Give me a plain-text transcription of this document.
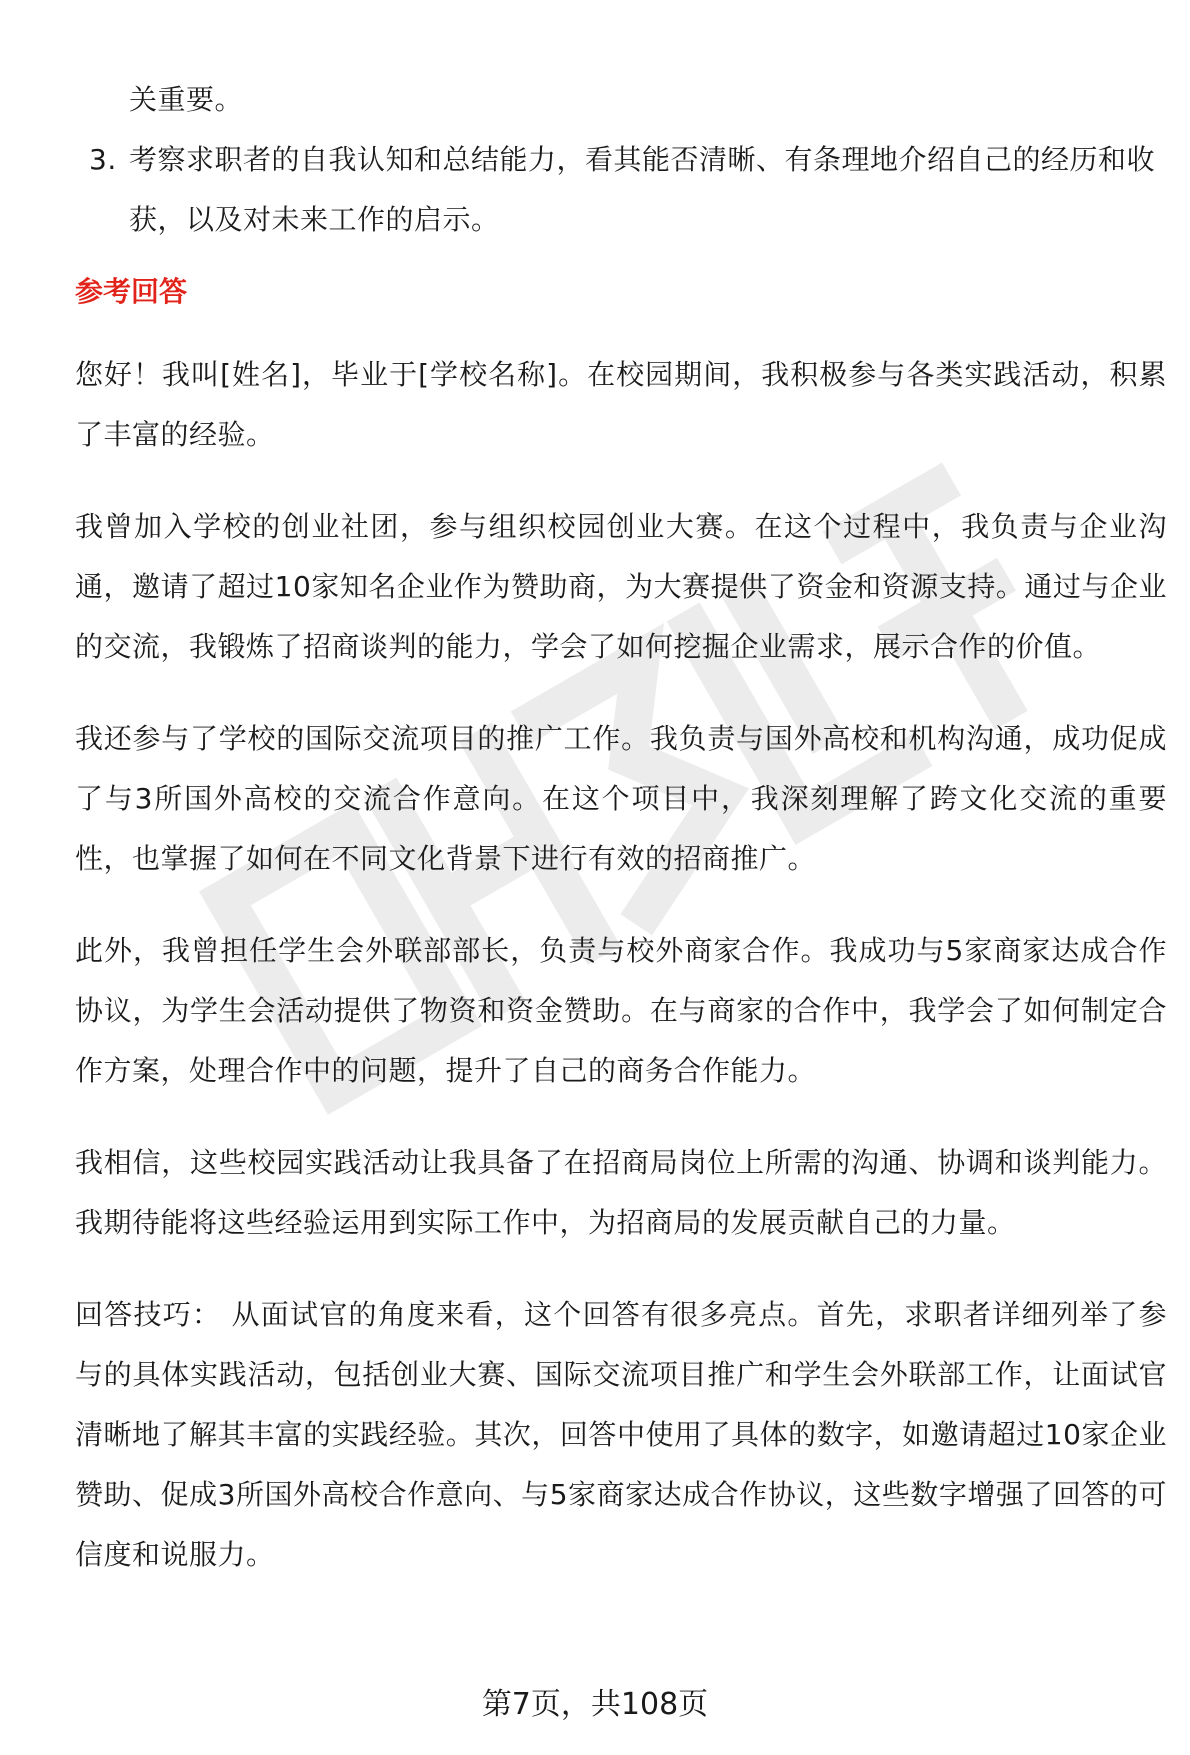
关重要。
3. 考察求职者的自我认知和总结能力，看其能否清晰、有条理地介绍自己的经历和收获，以及对未来工作的启示。
参考回答

您好！我叫[姓名]，毕业于[学校名称]。在校园期间，我积极参与各类实践活动，积累了丰富的经验。

我曾加入学校的创业社团，参与组织校园创业大赛。在这个过程中，我负责与企业沟通，邀请了超过10家知名企业作为赞助商，为大赛提供了资金和资源支持。通过与企业的交流，我锻炼了招商谈判的能力，学会了如何挖掘企业需求，展示合作的价值。

我还参与了学校的国际交流项目的推广工作。我负责与国外高校和机构沟通，成功促成了与3所国外高校的交流合作意向。在这个项目中，我深刻理解了跨文化交流的重要性，也掌握了如何在不同文化背景下进行有效的招商推广。

此外，我曾担任学生会外联部部长，负责与校外商家合作。我成功与5家商家达成合作协议，为学生会活动提供了物资和资金赞助。在与商家的合作中，我学会了如何制定合作方案，处理合作中的问题，提升了自己的商务合作能力。

我相信，这些校园实践活动让我具备了在招商局岗位上所需的沟通、协调和谈判能力。我期待能将这些经验运用到实际工作中，为招商局的发展贡献自己的力量。

回答技巧： 从面试官的角度来看，这个回答有很多亮点。首先，求职者详细列举了参与的具体实践活动，包括创业大赛、国际交流项目推广和学生会外联部工作，让面试官清晰地了解其丰富的实践经验。其次，回答中使用了具体的数字，如邀请超过10家企业赞助、促成3所国外高校合作意向、与5家商家达成合作协议，这些数字增强了回答的可信度和说服力。

第7页，共108页
